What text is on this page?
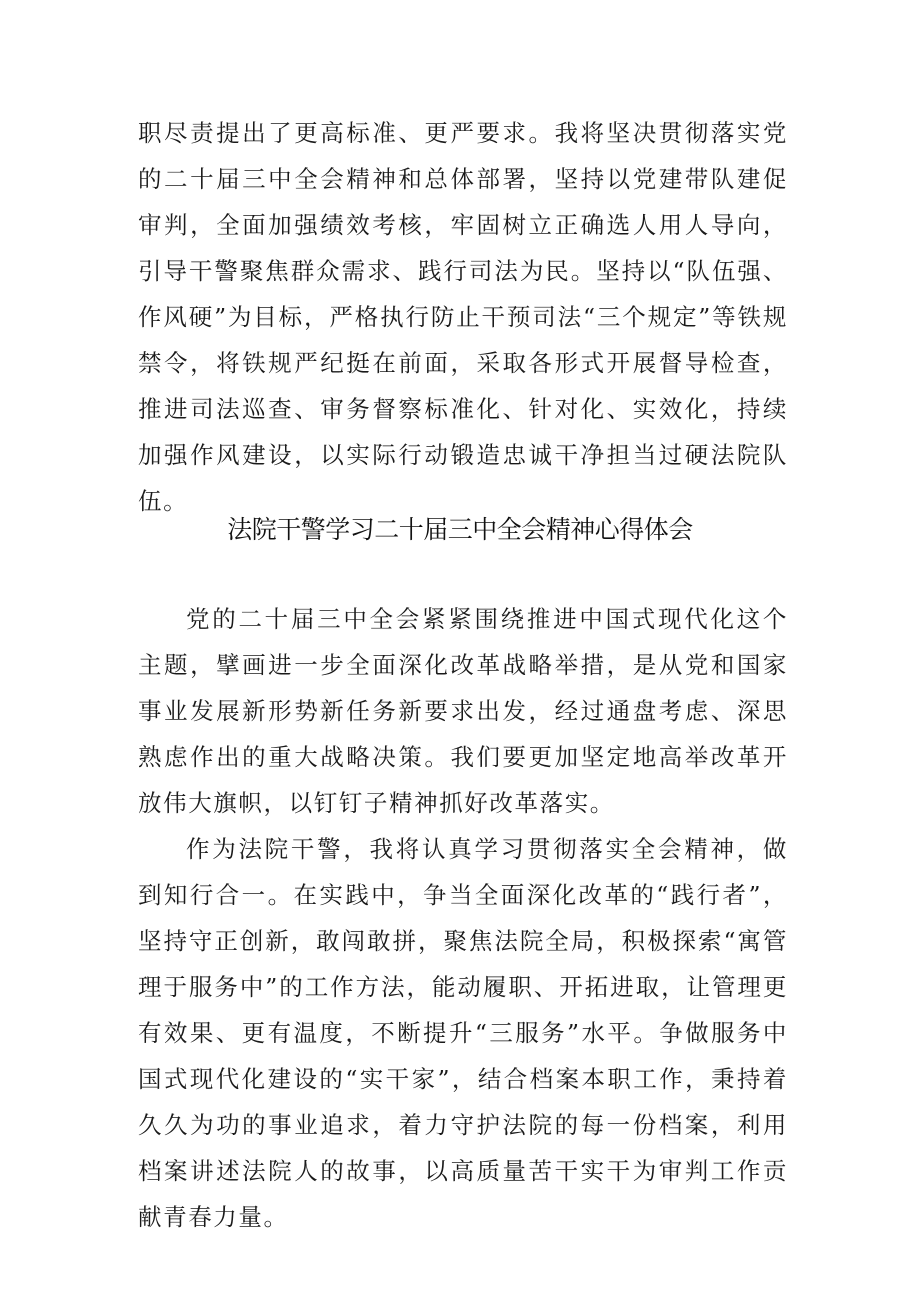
职尽责提出了更高标准、更严要求。我将坚决贯彻落实党的二十届三中全会精神和总体部署，坚持以党建带队建促审判，全面加强绩效考核，牢固树立正确选人用人导向，引导干警聚焦群众需求、践行司法为民。坚持以“队伍强、作风硬”为目标，严格执行防止干预司法“三个规定”等铁规禁令，将铁规严纪挺在前面，采取各形式开展督导检查，推进司法巡查、审务督察标准化、针对化、实效化，持续加强作风建设，以实际行动锻造忠诚干净担当过硬法院队伍。

法院干警学习二十届三中全会精神心得体会

党的二十届三中全会紧紧围绕推进中国式现代化这个主题，擘画进一步全面深化改革战略举措，是从党和国家事业发展新形势新任务新要求出发，经过通盘考虑、深思熟虑作出的重大战略决策。我们要更加坚定地高举改革开放伟大旗帜，以钉钉子精神抓好改革落实。

作为法院干警，我将认真学习贯彻落实全会精神，做到知行合一。在实践中，争当全面深化改革的“践行者”，坚持守正创新，敢闯敢拼，聚焦法院全局，积极探索“寓管理于服务中”的工作方法，能动履职、开拓进取，让管理更有效果、更有温度，不断提升“三服务”水平。争做服务中国式现代化建设的“实干家”，结合档案本职工作，秉持着久久为功的事业追求，着力守护法院的每一份档案，利用档案讲述法院人的故事，以高质量苦干实干为审判工作贡献青春力量。
